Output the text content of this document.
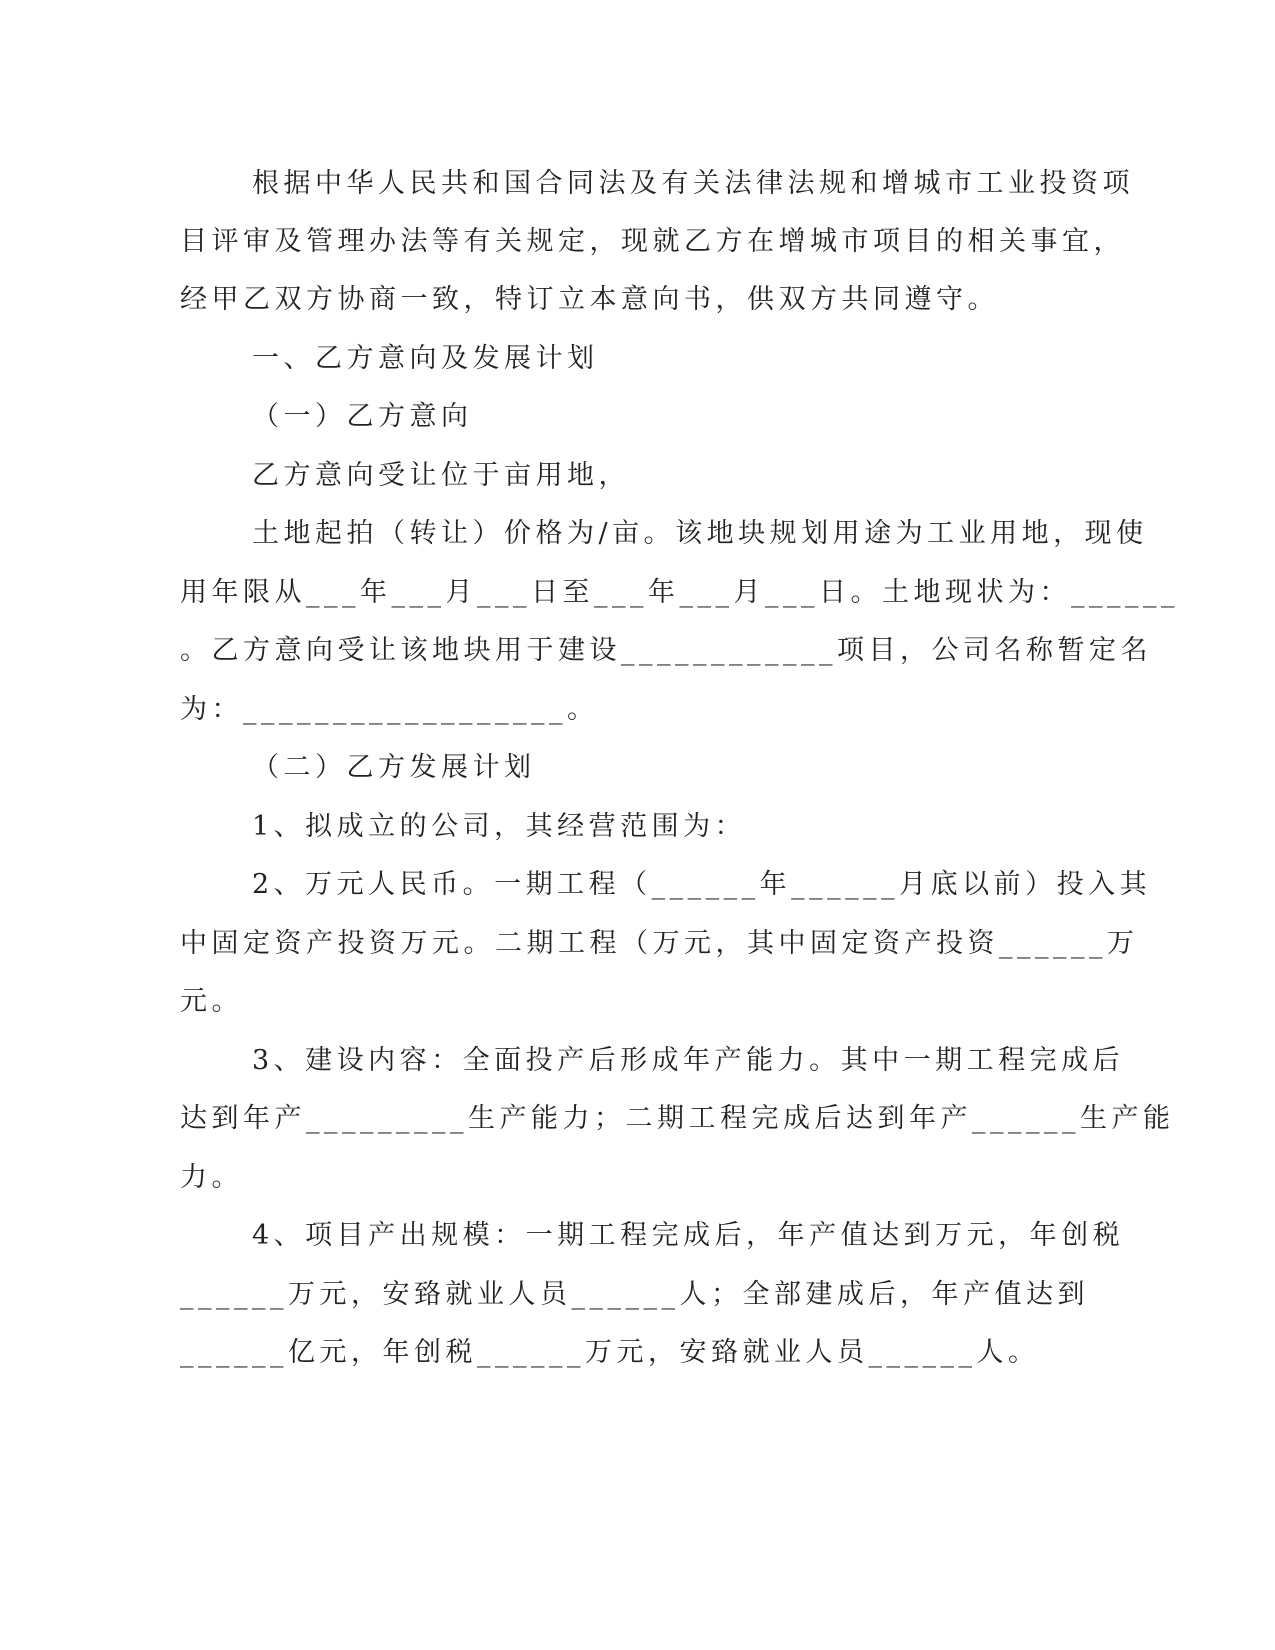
根据中华人民共和国合同法及有关法律法规和增城市工业投资项
目评审及管理办法等有关规定，现就乙方在增城市项目的相关事宜，
经甲乙双方协商一致，特订立本意向书，供双方共同遵守。
一、乙方意向及发展计划
（一）乙方意向
乙方意向受让位于亩用地，
土地起拍（转让）价格为/亩。该地块规划用途为工业用地，现使
用年限从___年___月___日至___年___月___日。土地现状为：______
。乙方意向受让该地块用于建设____________项目，公司名称暂定名
为：__________________。
（二）乙方发展计划
1、拟成立的公司，其经营范围为：
2、万元人民币。一期工程（______年______月底以前）投入其
中固定资产投资万元。二期工程（万元，其中固定资产投资______万
元。
3、建设内容：全面投产后形成年产能力。其中一期工程完成后
达到年产_________生产能力；二期工程完成后达到年产______生产能
力。
4、项目产出规模：一期工程完成后，年产值达到万元，年创税
______万元，安臵就业人员______人；全部建成后，年产值达到
______亿元，年创税______万元，安臵就业人员______人。
